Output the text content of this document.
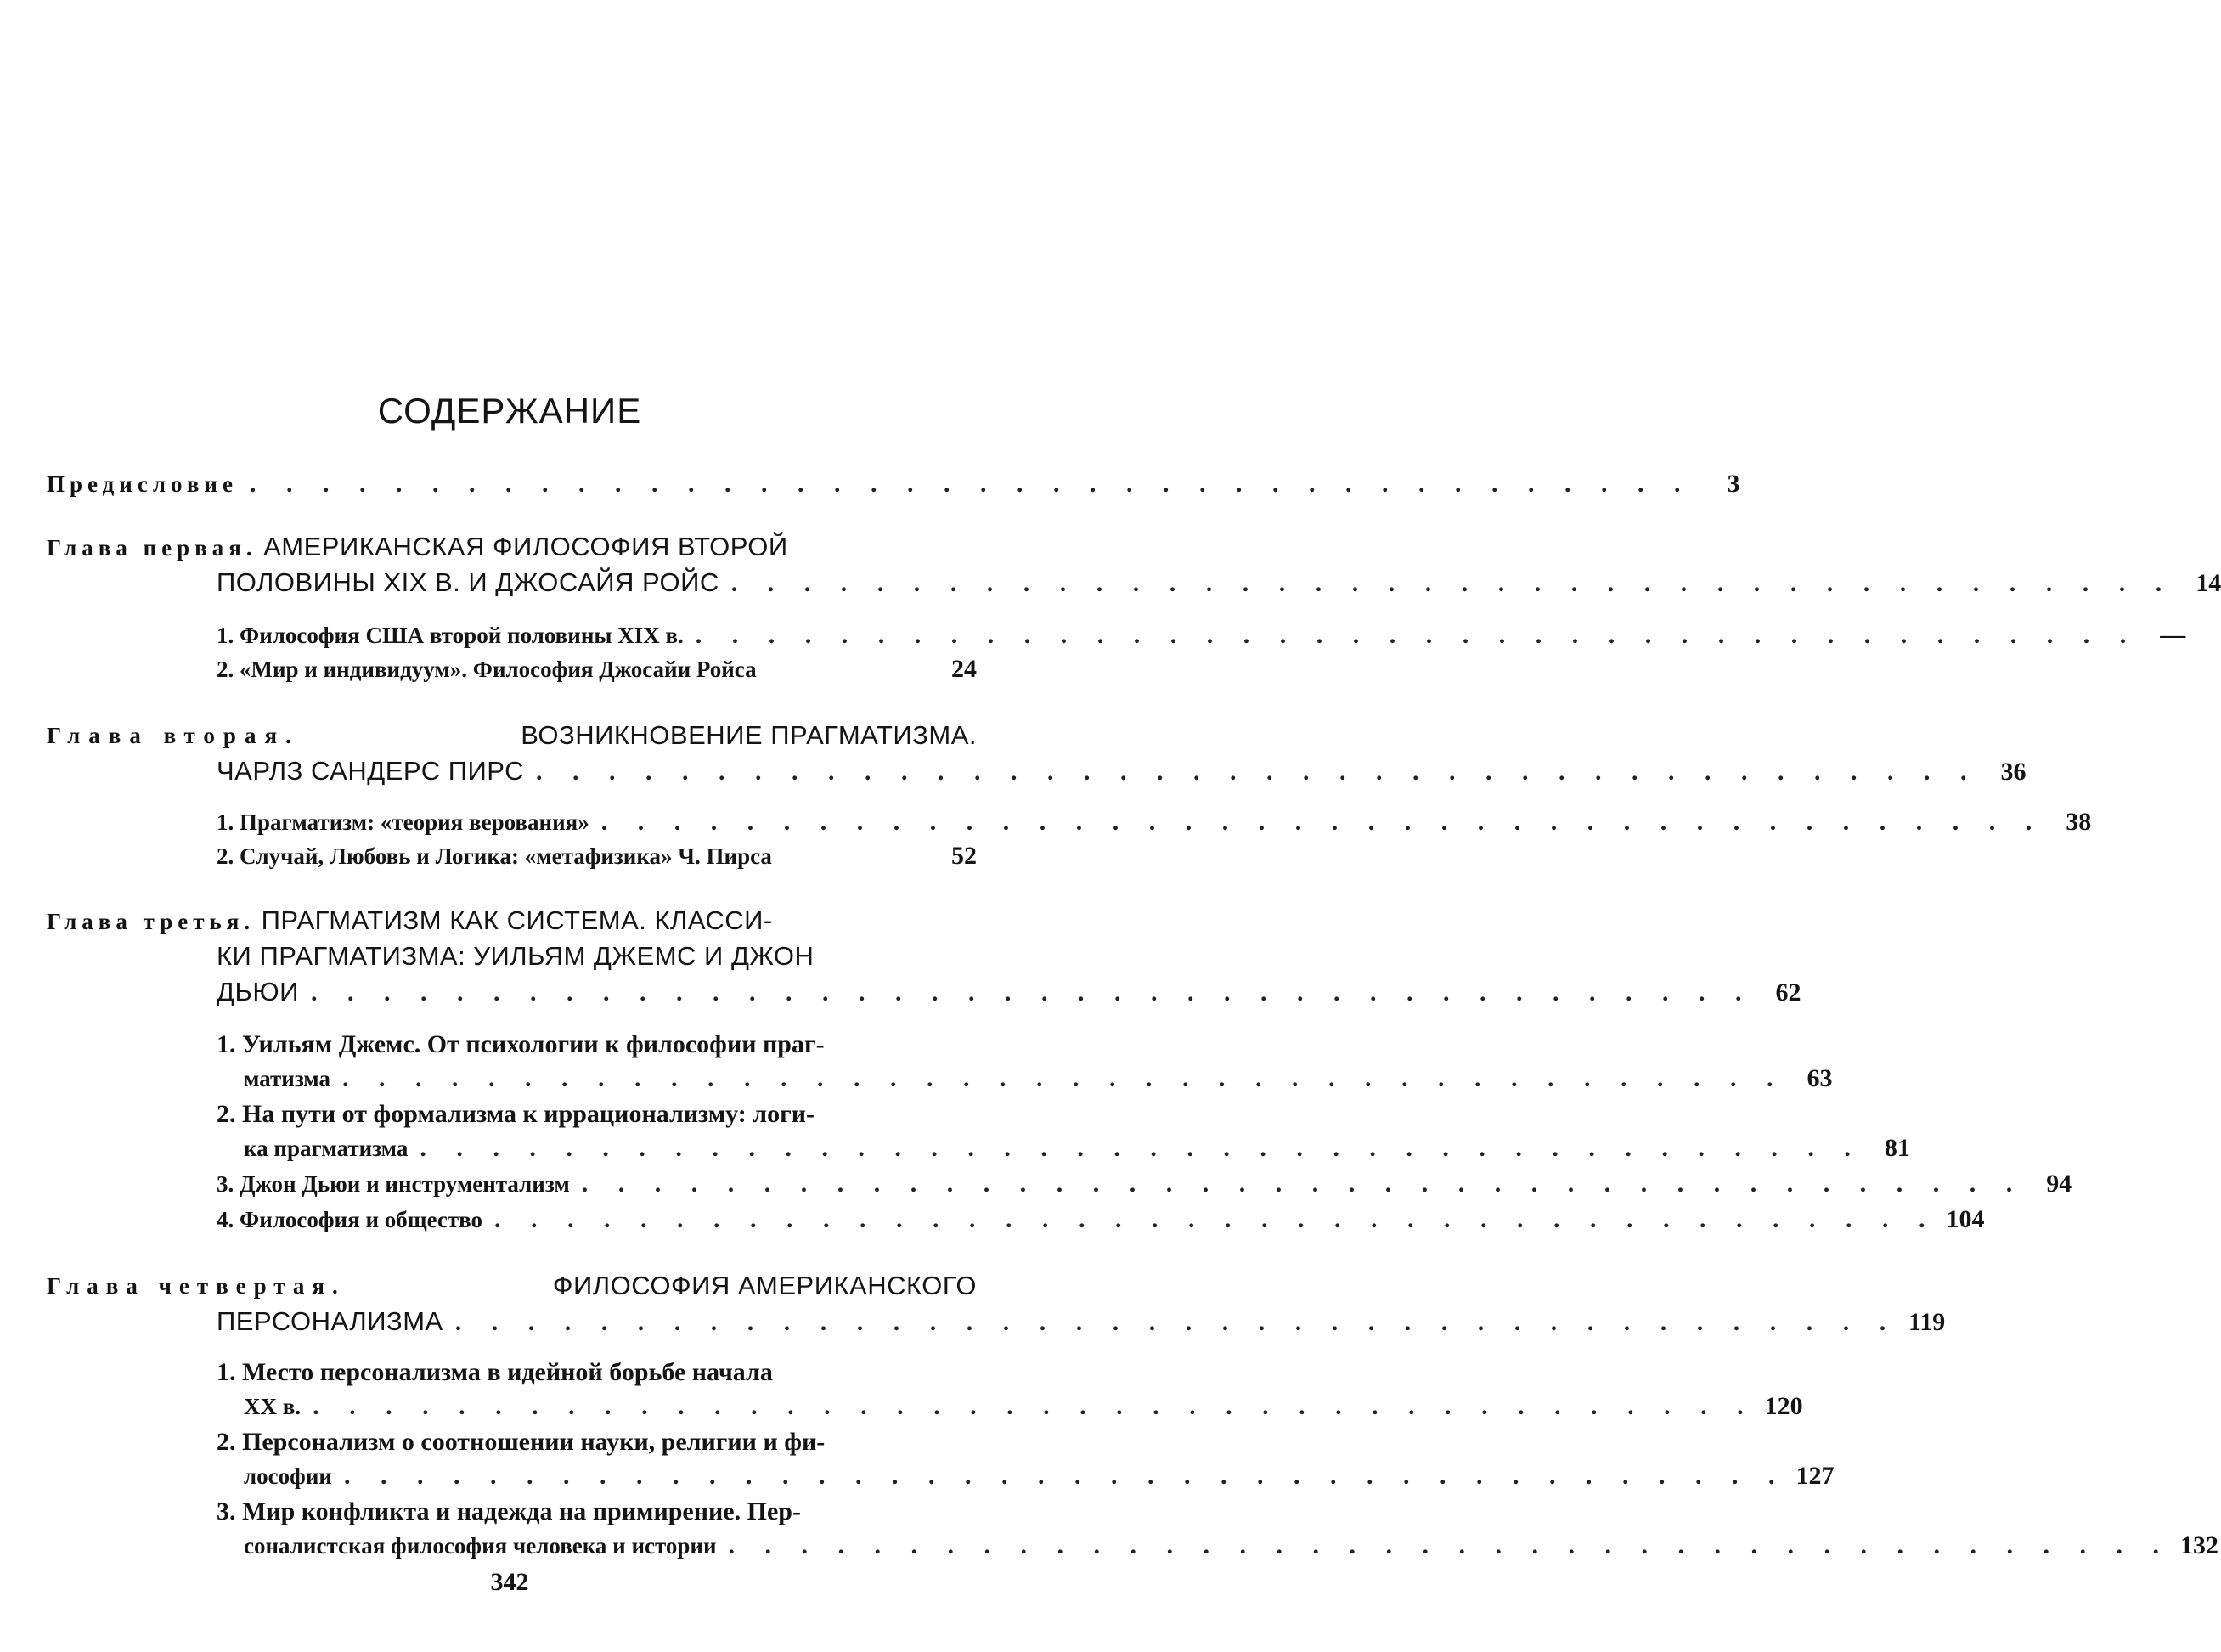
СОДЕРЖАНИЕ
Предисловие . . . . . . . . . . . . . . . . . . . . . . . . . . . . . . . . . . . . . . . .	3
Глава первая. АМЕРИКАНСКАЯ ФИЛОСОФИЯ ВТОРОЙ
ПОЛОВИНЫ XIX В. И ДЖОСАЙЯ РОЙС . . . . . . . . . . . . . . . . . . . . . . . . . . . . . . . . . . . . . . . . 14
1. Философия США второй половины XIX в. . . . . . . . . . . . . . . . . . . . . . . . . . . . . . . . . . . . . . . . . —
2. «Мир и индивидуум». Философия Джосайи Ройса	24
Глава вторая.	ВОЗНИКНОВЕНИЕ ПРАГМАТИЗМА.
ЧАРЛЗ САНДЕРС ПИРС . . . . . . . . . . . . . . . . . . . . . . . . . . . . . . . . . . . . . . . . 36
1. Прагматизм: «теория верования» . . . . . . . . . . . . . . . . . . . . . . . . . . . . . . . . . . . . . . . . 38
2. Случай, Любовь и Логика: «метафизика» Ч. Пирса	52
Глава третья. ПРАГМАТИЗМ КАК СИСТЕМА. КЛАССИ-
КИ ПРАГМАТИЗМА: УИЛЬЯМ ДЖЕМС И ДЖОН
ДЬЮИ . . . . . . . . . . . . . . . . . . . . . . . . . . . . . . . . . . . . . . . . 62
1. Уильям Джемс. От психологии к философии праг-
матизма . . . . . . . . . . . . . . . . . . . . . . . . . . . . . . . . . . . . . . . . 63
2. На пути от формализма к иррационализму: логи-
ка прагматизма . . . . . . . . . . . . . . . . . . . . . . . . . . . . . . . . . . . . . . . . 81
3. Джон Дьюи и инструментализм . . . . . . . . . . . . . . . . . . . . . . . . . . . . . . . . . . . . . . . . 94
4. Философия и общество . . . . . . . . . . . . . . . . . . . . . . . . . . . . . . . . . . . . . . . . 104
Глава четвертая.	ФИЛОСОФИЯ АМЕРИКАНСКОГО
ПЕРСОНАЛИЗМА . . . . . . . . . . . . . . . . . . . . . . . . . . . . . . . . . . . . . . . . 119
1. Место персонализма в идейной борьбе начала
XX в. . . . . . . . . . . . . . . . . . . . . . . . . . . . . . . . . . . . . . . . . 120
2. Персонализм о соотношении науки, религии и фи-
лософии . . . . . . . . . . . . . . . . . . . . . . . . . . . . . . . . . . . . . . . . 127
3. Мир конфликта и надежда на примирение. Пер-
соналистская философия человека и истории . . . . . . . . . . . . . . . . . . . . . . . . . . . . . . . . . . . . . . . . 132
342
